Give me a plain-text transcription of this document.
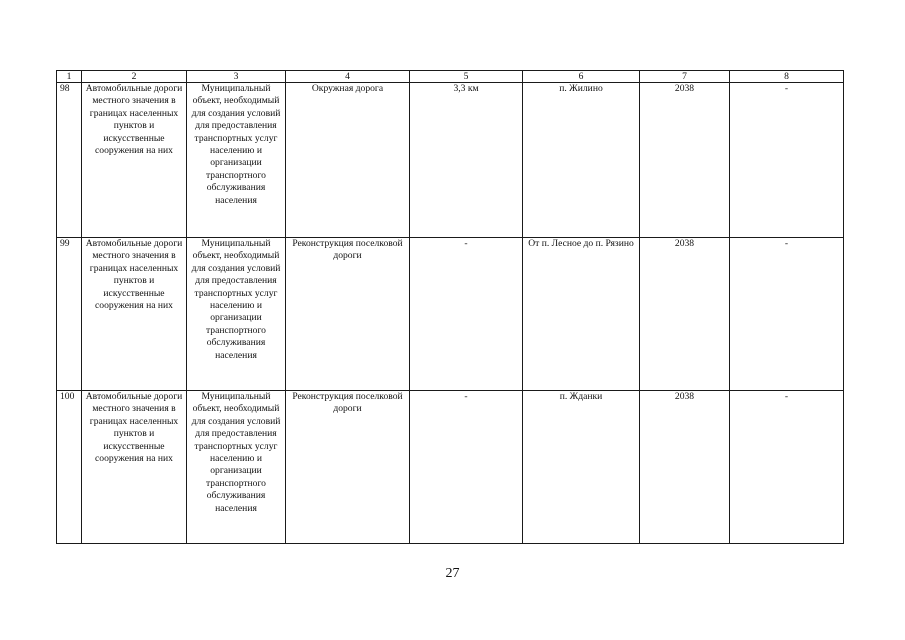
1	2	3	4	5	6	7	8
98	Автомобильные дороги местного значения в границах населенных пунктов и искусственные сооружения на них	Муниципальный объект, необходимый для создания условий для предоставления транспортных услуг населению и организации транспортного обслуживания населения	Окружная дорога	3,3 км	п. Жилино	2038	-
99	Автомобильные дороги местного значения в границах населенных пунктов и искусственные сооружения на них	Муниципальный объект, необходимый для создания условий для предоставления транспортных услуг населению и организации транспортного обслуживания населения	Реконструкция поселковой дороги	-	От п. Лесное до п. Рязино	2038	-
100	Автомобильные дороги местного значения в границах населенных пунктов и искусственные сооружения на них	Муниципальный объект, необходимый для создания условий для предоставления транспортных услуг населению и организации транспортного обслуживания населения	Реконструкция поселковой дороги	-	п. Жданки	2038	-
27
